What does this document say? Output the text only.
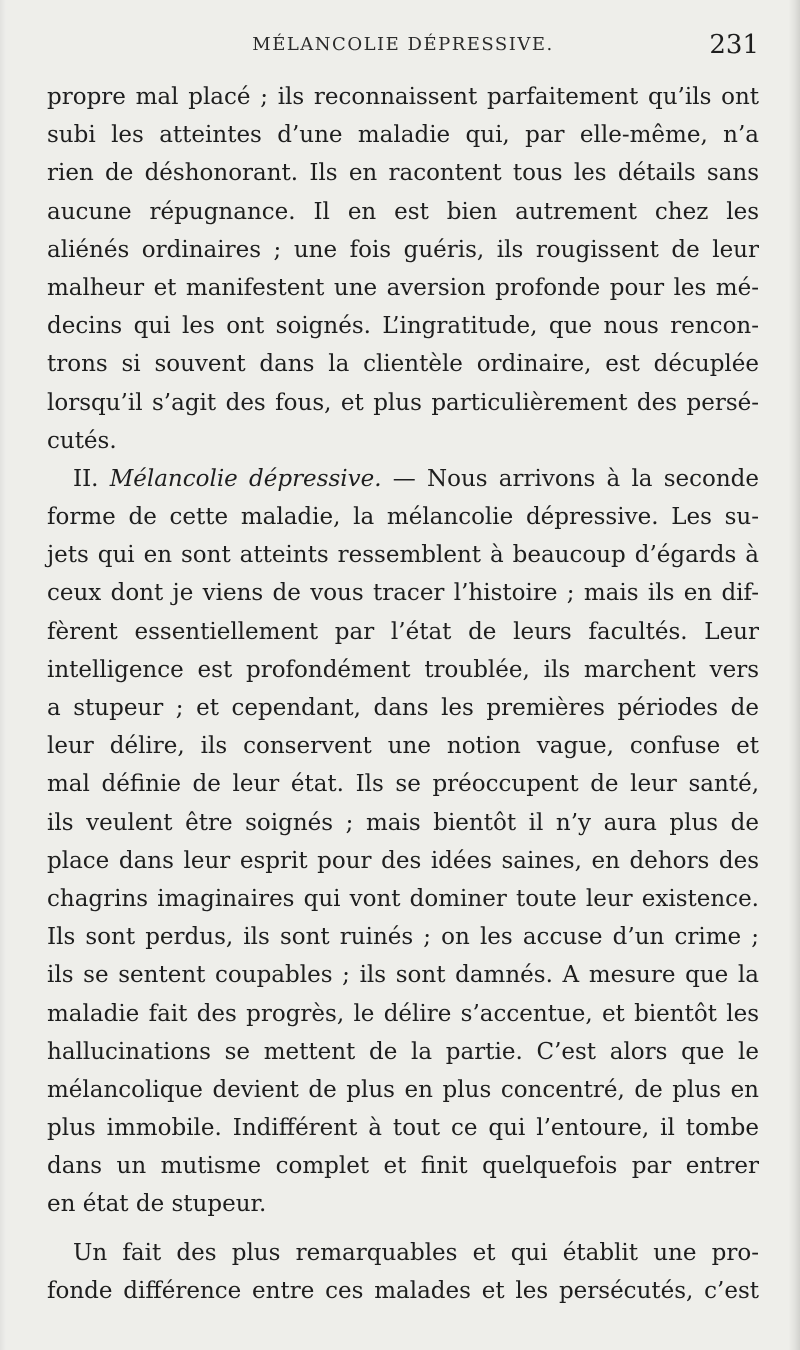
MÉLANCOLIE DÉPRESSIVE.	231
propre mal placé ; ils reconnaissent parfaitement qu’ils ont
subi les atteintes d’une maladie qui, par elle-même, n’a
rien de déshonorant. Ils en racontent tous les détails sans
aucune répugnance. Il en est bien autrement chez les
aliénés ordinaires ; une fois guéris, ils rougissent de leur
malheur et manifestent une aversion profonde pour les mé-
decins qui les ont soignés. L’ingratitude, que nous rencon-
trons si souvent dans la clientèle ordinaire, est décuplée
lorsqu’il s’agit des fous, et plus particulièrement des persé-
cutés.
II. Mélancolie dépressive. — Nous arrivons à la seconde
forme de cette maladie, la mélancolie dépressive. Les su-
jets qui en sont atteints ressemblent à beaucoup d’égards à
ceux dont je viens de vous tracer l’histoire ; mais ils en dif-
fèrent essentiellement par l’état de leurs facultés. Leur
intelligence est profondément troublée, ils marchent vers
a stupeur ; et cependant, dans les premières périodes de
leur délire, ils conservent une notion vague, confuse et
mal définie de leur état. Ils se préoccupent de leur santé,
ils veulent être soignés ; mais bientôt il n’y aura plus de
place dans leur esprit pour des idées saines, en dehors des
chagrins imaginaires qui vont dominer toute leur existence.
Ils sont perdus, ils sont ruinés ; on les accuse d’un crime ;
ils se sentent coupables ; ils sont damnés. A mesure que la
maladie fait des progrès, le délire s’accentue, et bientôt les
hallucinations se mettent de la partie. C’est alors que le
mélancolique devient de plus en plus concentré, de plus en
plus immobile. Indifférent à tout ce qui l’entoure, il tombe
dans un mutisme complet et finit quelquefois par entrer
en état de stupeur.
Un fait des plus remarquables et qui établit une pro-
fonde différence entre ces malades et les persécutés, c’est
